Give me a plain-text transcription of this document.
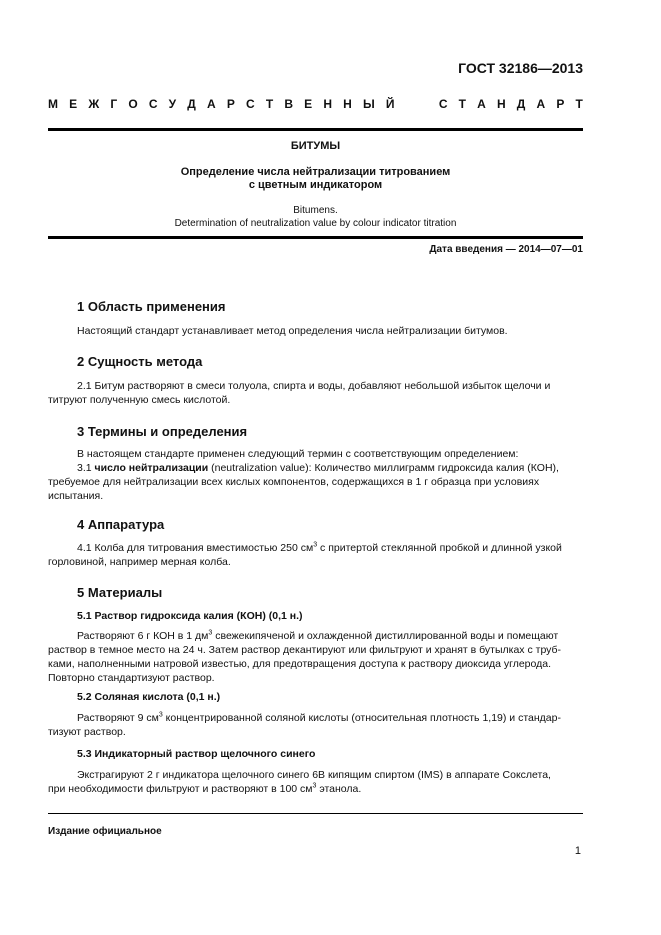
ГОСТ 32186—2013
М Е Ж Г О С У Д А Р С Т В Е Н Н Ы Й	С Т А Н Д А Р Т
БИТУМЫ
Определение числа нейтрализации титрованием
с цветным индикатором
Bitumens.
Determination of neutralization value by colour indicator titration
Дата введения — 2014—07—01
1 Область применения
Настоящий стандарт устанавливает метод определения числа нейтрализации битумов.
2 Сущность метода
2.1 Битум растворяют в смеси толуола, спирта и воды, добавляют небольшой избыток щелочи и
титруют полученную смесь кислотой.
3 Термины и определения
В настоящем стандарте применен следующий термин с соответствующим определением:
3.1 число нейтрализации (neutralization value): Количество миллиграмм гидроксида калия (КОН),
требуемое для нейтрализации всех кислых компонентов, содержащихся в 1 г образца при условиях
испытания.
4 Аппаратура
4.1 Колба для титрования вместимостью 250 $см^3$ с притертой стеклянной пробкой и длинной узкой
горловиной, например мерная колба.
5 Материалы
5.1 Раствор гидроксида калия (КОН) (0,1 н.)
Растворяют 6 г КОН в 1 $дм^3$ свежекипяченой и охлажденной дистиллированной воды и помещают
раствор в темное место на 24 ч. Затем раствор декантируют или фильтруют и хранят в бутылках с труб-
ками, наполненными натровой известью, для предотвращения доступа к раствору диоксида углерода.
Повторно стандартизуют раствор.
5.2 Соляная кислота (0,1 н.)
Растворяют 9 $см^3$ концентрированной соляной кислоты (относительная плотность 1,19) и стандар-
тизуют раствор.
5.3 Индикаторный раствор щелочного синего
Экстрагируют 2 г индикатора щелочного синего 6В кипящим спиртом (IMS) в аппарате Сокслета,
при необходимости фильтруют и растворяют в 100 $см^3$ этанола.
Издание официальное
1
